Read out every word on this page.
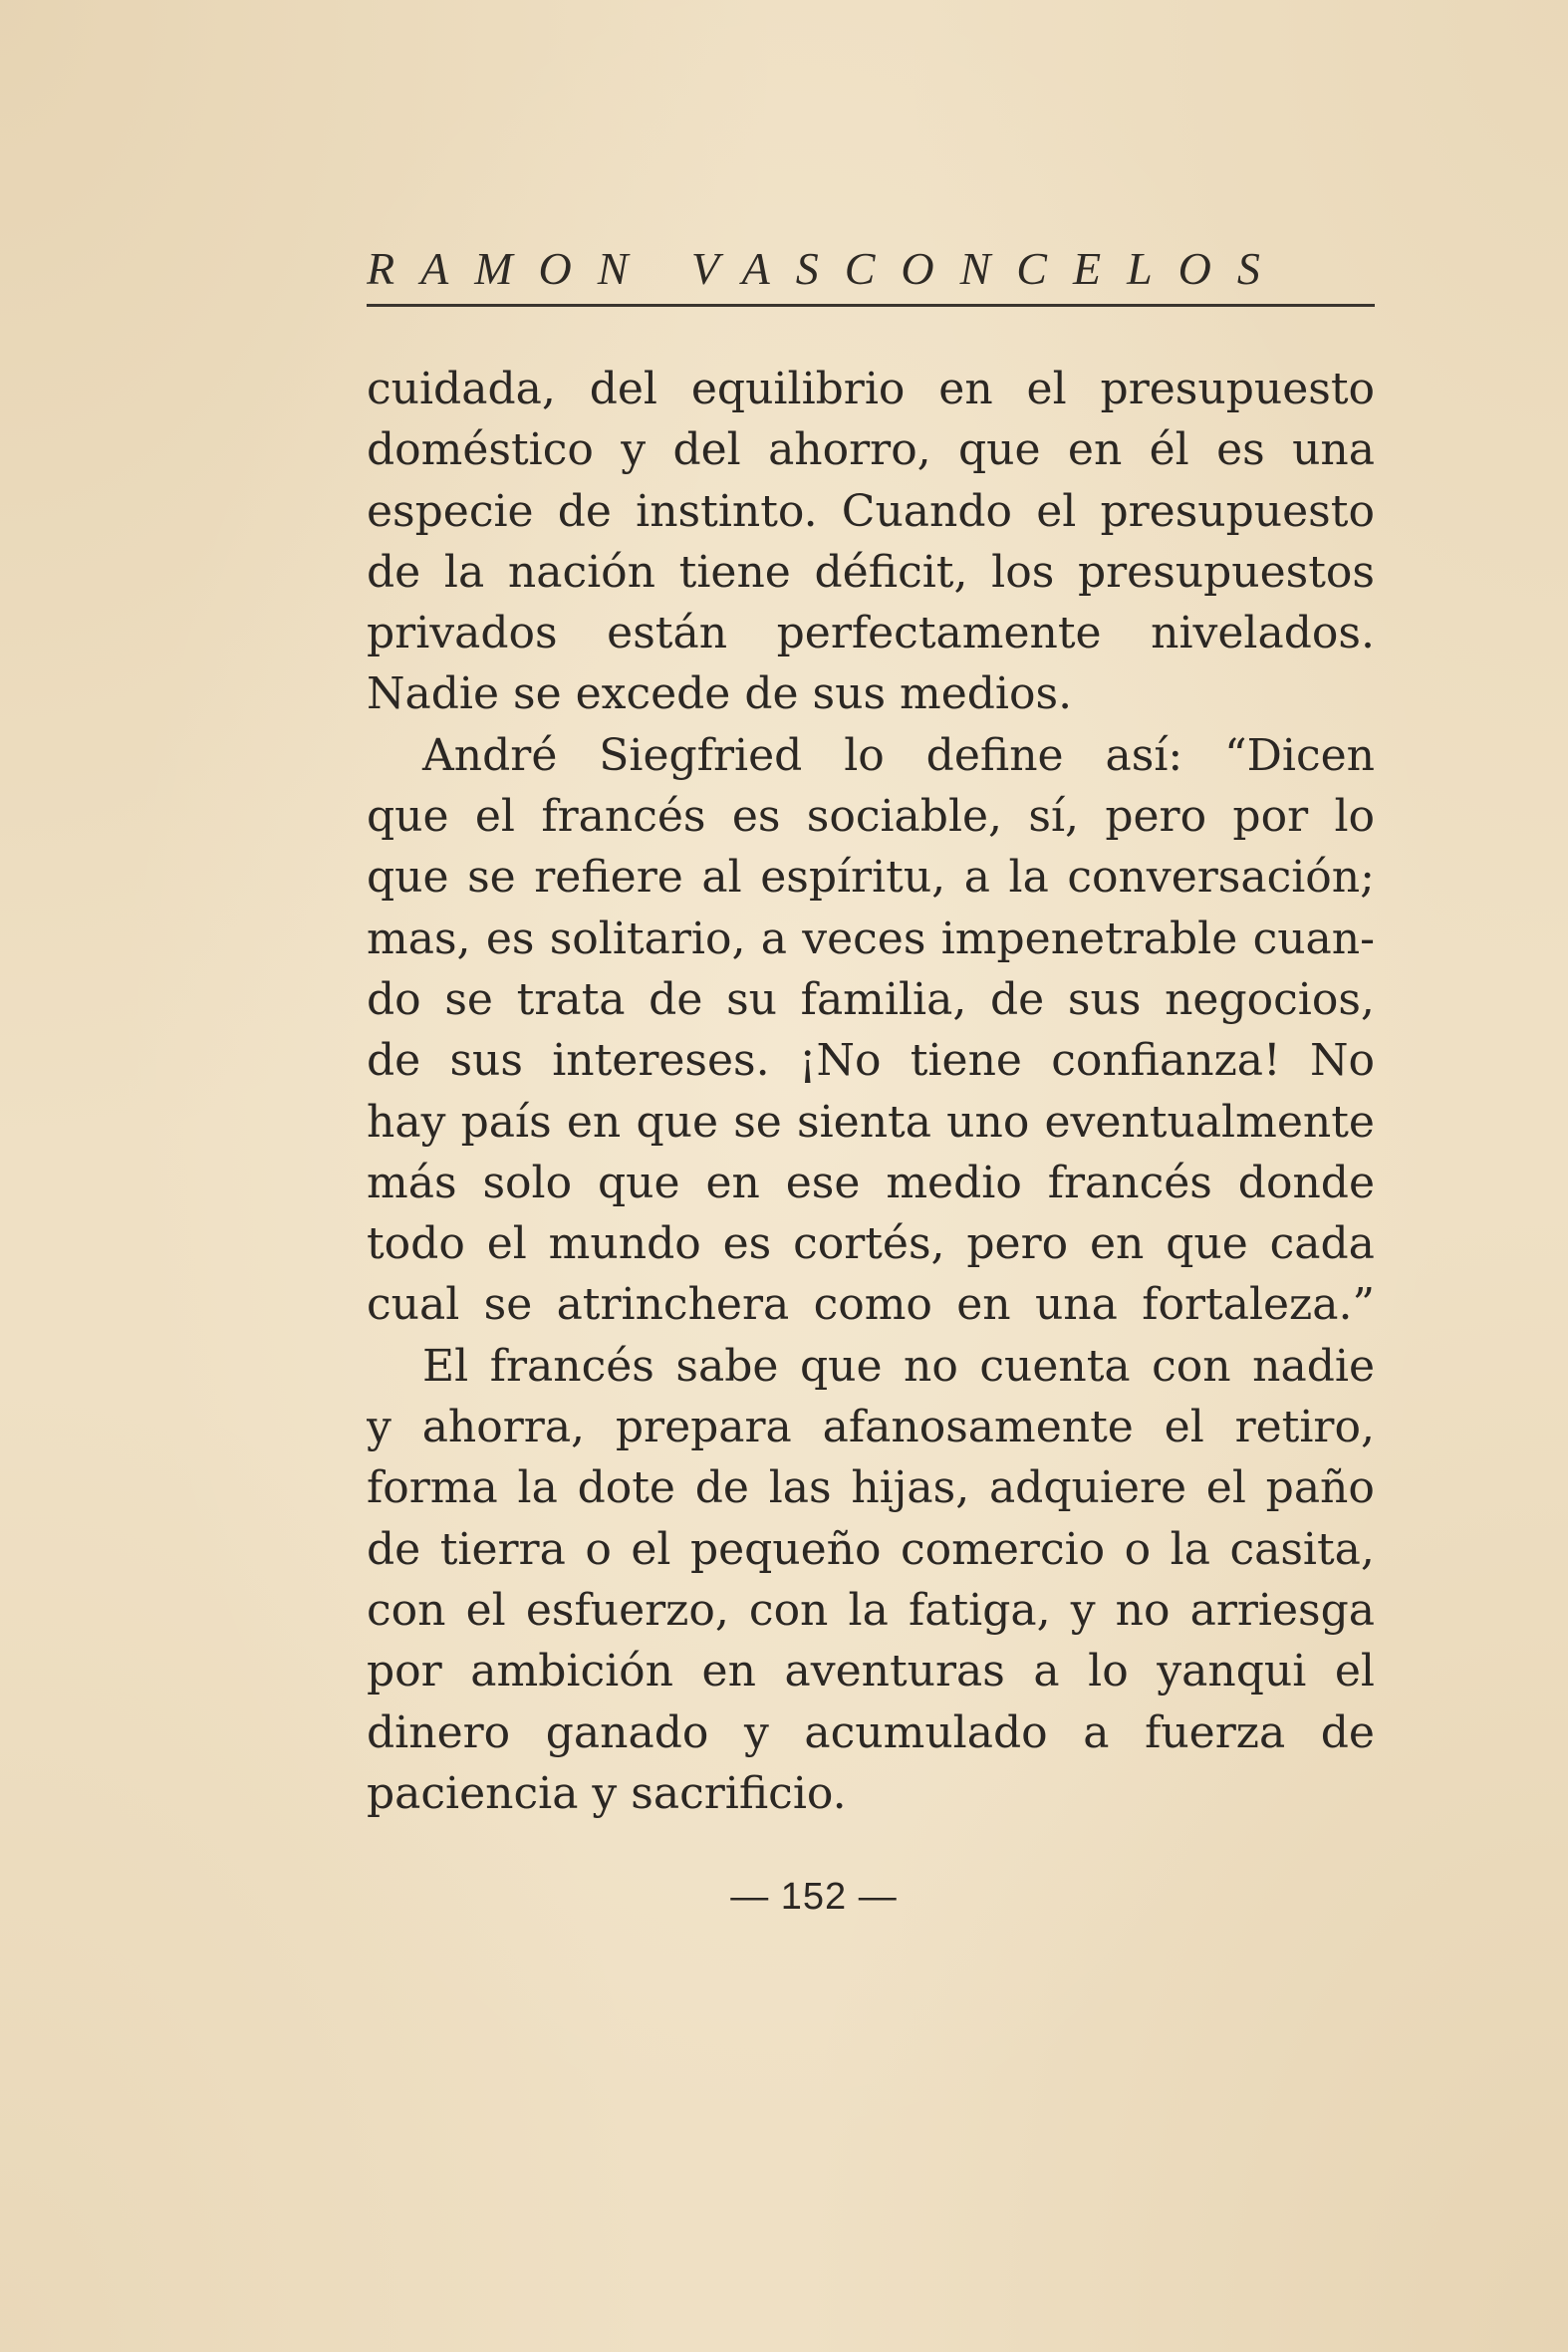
RAMON VASCONCELOS
cuidada, del equilibrio en el presupuesto
doméstico y del ahorro, que en él es una
especie de instinto. Cuando el presupuesto
de la nación tiene déficit, los presupuestos
privados están perfectamente nivelados.
Nadie se excede de sus medios.
André Siegfried lo define así: “Dicen
que el francés es sociable, sí, pero por lo
que se refiere al espíritu, a la conversación;
mas, es solitario, a veces impenetrable cuan-
do se trata de su familia, de sus negocios,
de sus intereses. ¡No tiene confianza! No
hay país en que se sienta uno eventualmente
más solo que en ese medio francés donde
todo el mundo es cortés, pero en que cada
cual se atrinchera como en una fortaleza.”
El francés sabe que no cuenta con nadie
y ahorra, prepara afanosamente el retiro,
forma la dote de las hijas, adquiere el paño
de tierra o el pequeño comercio o la casita,
con el esfuerzo, con la fatiga, y no arriesga
por ambición en aventuras a lo yanqui el
dinero ganado y acumulado a fuerza de
paciencia y sacrificio.
— 152 —
